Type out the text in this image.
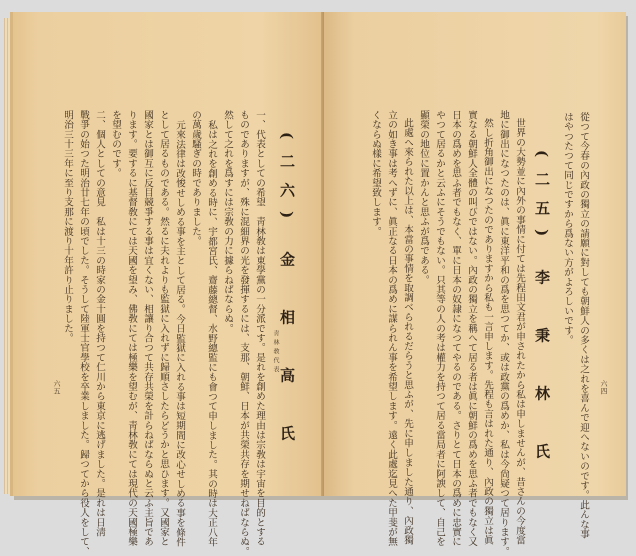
(二六) 金　相　高　氏
靑林敎代表
一、代表としての希望　靑林敎は東學黨の一分派です。是れを創めた理由は宗敎は宇宙を目的とする
ものでありますが、殊に混細界の光を發揮するには、支那、朝鮮、日本が共榮共存を期せねばならぬ。
然して之れを爲すには宗敎の力に據らねばならぬ。
私は之れを創める時に、宇都宮氏、齋藤總督、水野總監にも會つて申しました。其の時は大正八年
の萬歲騷ぎの時でありました。
元來法律は改悛せしめる事を主として居る。今日監獄に入れる事は短期間に改心せしめる事を條件
として居るものである。然るに夫れよりも監獄に入れずに歸順さしたらどうかと思ひます。又國家と
國家とは御互に反目競爭する事は宜くない、相讓り合つて共存共榮を計らねばならぬと云ふ主旨であ
ります。要するに基督敎にては天國を望み、佛敎にては極樂を望むが、靑林敎にては現代の天國極樂
を望むのです。
二、個人としての意見　私は十三の時家の金十圓を持つて仁川から東京に逃げました。是れは日淸
戰爭の始つた明治廿七年の頃でした。そうして陸軍士官學校を卒業しました。歸つてから役人をして、
明治三十三年に至り支那に渡り十年許り止りました。
六五	從つて今春の內政の獨立の請願に對しても朝鮮人の多くは之れを喜んで迎へないのです。此んな事
はやつたつて同じですから爲ない方がよろしいです。
(二五) 李　秉　林　氏
世界の大勢並に內外の事情に付ては先程田文君が申されたから私は申しませんが、昔さんの今度當
地に御出になつたのは、眞に東洋平和の爲を思つてか、或は政黨の爲めか、私は今尙疑つて居ります。
然し折角御出になつたのでありますから私も一言申します。先程も言はれた通り、內政の獨立は眞
實なる朝鮮人全體の叫びではない。內政の獨立を稱へて居る者は眞に朝鮮の爲めを思ふ者でもなく又
日本の爲めを思ふ者でもなく、單に日本の奴隷になつてやるのである。さりとて日本の爲めに忠實に
やつて居るかと云ふにそうでもない。只其等の人の考は權力を持つて居る當局者に阿諛して、自己を
顯榮の地位に置かんと思ふが爲である。
此處へ來られた以上は、本當の事情を取調べられるだらうと思ふが、先に申しました通り、內政獨
立の如き事は考へずに、眞正なる日本の爲めに謀られん事を希望します。遠く此處迄見へた甲斐が無
くならぬ樣に希望致します。
六四
